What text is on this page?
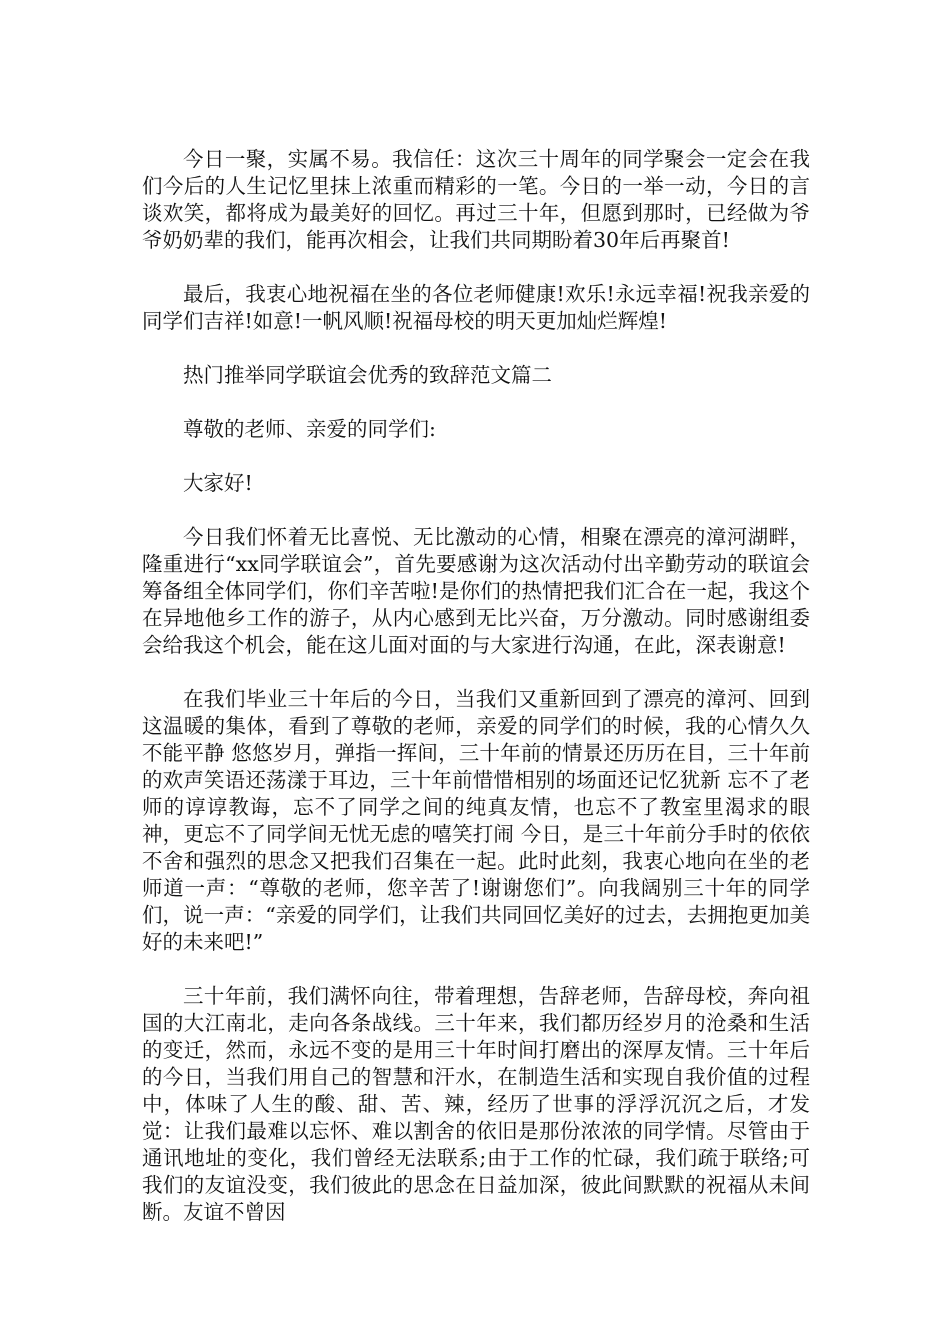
今日一聚，实属不易。我信任：这次三十周年的同学聚会一定会在我们今后的人生记忆里抹上浓重而精彩的一笔。今日的一举一动，今日的言谈欢笑，都将成为最美好的回忆。再过三十年，但愿到那时，已经做为爷爷奶奶辈的我们，能再次相会，让我们共同期盼着30年后再聚首!

最后，我衷心地祝福在坐的各位老师健康!欢乐!永远幸福!祝我亲爱的同学们吉祥!如意!一帆风顺!祝福母校的明天更加灿烂辉煌!

热门推举同学联谊会优秀的致辞范文篇二

尊敬的老师、亲爱的同学们:

大家好!

今日我们怀着无比喜悦、无比激动的心情，相聚在漂亮的漳河湖畔，隆重进行“xx同学联谊会”，首先要感谢为这次活动付出辛勤劳动的联谊会筹备组全体同学们，你们辛苦啦!是你们的热情把我们汇合在一起，我这个在异地他乡工作的游子，从内心感到无比兴奋，万分激动。同时感谢组委会给我这个机会，能在这儿面对面的与大家进行沟通，在此，深表谢意!

在我们毕业三十年后的今日，当我们又重新回到了漂亮的漳河、回到这温暖的集体，看到了尊敬的老师，亲爱的同学们的时候，我的心情久久不能平静 悠悠岁月，弹指一挥间，三十年前的情景还历历在目，三十年前的欢声笑语还荡漾于耳边，三十年前惜惜相别的场面还记忆犹新 忘不了老师的谆谆教诲，忘不了同学之间的纯真友情，也忘不了教室里渴求的眼神，更忘不了同学间无忧无虑的嘻笑打闹 今日，是三十年前分手时的依依不舍和强烈的思念又把我们召集在一起。此时此刻，我衷心地向在坐的老师道一声：“尊敬的老师，您辛苦了!谢谢您们”。向我阔别三十年的同学们，说一声：“亲爱的同学们，让我们共同回忆美好的过去，去拥抱更加美好的未来吧!”

三十年前，我们满怀向往，带着理想，告辞老师，告辞母校，奔向祖国的大江南北，走向各条战线。三十年来，我们都历经岁月的沧桑和生活的变迁，然而，永远不变的是用三十年时间打磨出的深厚友情。三十年后的今日，当我们用自己的智慧和汗水，在制造生活和实现自我价值的过程中，体味了人生的酸、甜、苦、辣，经历了世事的浮浮沉沉之后，才发觉：让我们最难以忘怀、难以割舍的依旧是那份浓浓的同学情。尽管由于通讯地址的变化，我们曾经无法联系;由于工作的忙碌，我们疏于联络;可我们的友谊没变，我们彼此的思念在日益加深，彼此间默默的祝福从未间断。友谊不曾因
